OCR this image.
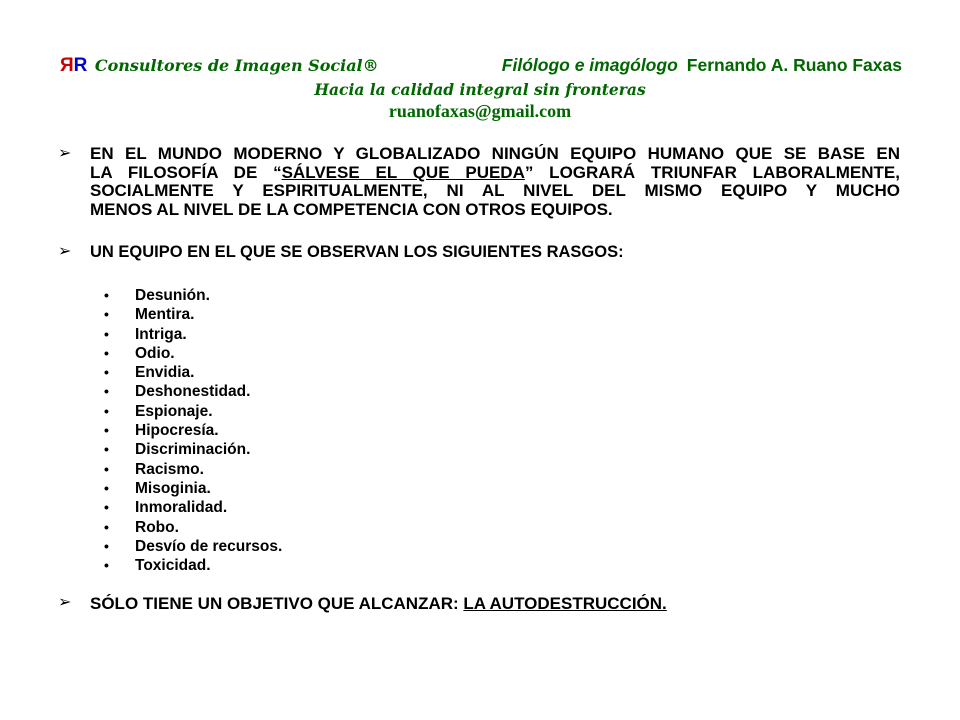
ЯR Consultores de Imagen Social®	Filólogo e imagólogo Fernando A. Ruano Faxas
Hacia la calidad integral sin fronteras
ruanofaxas@gmail.com
➢ EN EL MUNDO MODERNO Y GLOBALIZADO NINGÚN EQUIPO HUMANO QUE SE BASE EN
LA FILOSOFÍA DE “SÁLVESE EL QUE PUEDA” LOGRARÁ TRIUNFAR LABORALMENTE,
SOCIALMENTE Y ESPIRITUALMENTE, NI AL NIVEL DEL MISMO EQUIPO Y MUCHO
MENOS AL NIVEL DE LA COMPETENCIA CON OTROS EQUIPOS.
➢ UN EQUIPO EN EL QUE SE OBSERVAN LOS SIGUIENTES RASGOS:
•	Desunión.
•	Mentira.
•	Intriga.
•	Odio.
•	Envidia.
•	Deshonestidad.
•	Espionaje.
•	Hipocresía.
•	Discriminación.
•	Racismo.
•	Misoginia.
•	Inmoralidad.
•	Robo.
•	Desvío de recursos.
•	Toxicidad.
➢ SÓLO TIENE UN OBJETIVO QUE ALCANZAR: LA AUTODESTRUCCIÓN.
